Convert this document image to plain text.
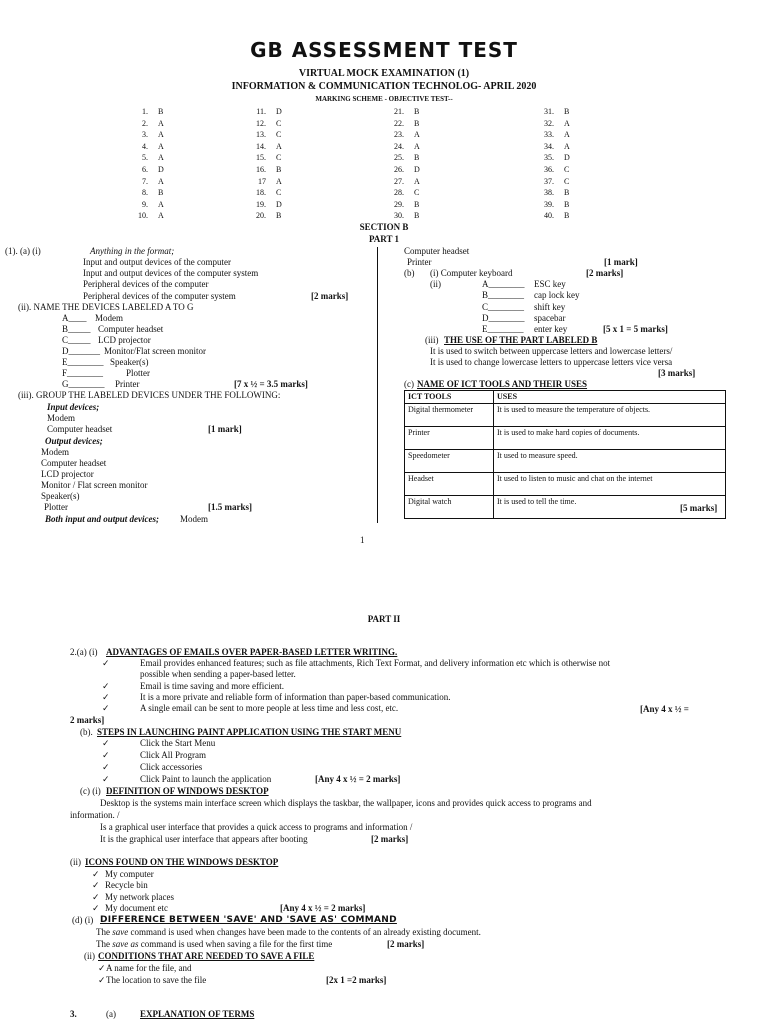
GB ASSESSMENT TEST
VIRTUAL MOCK EXAMINATION (1)
INFORMATION & COMMUNICATION TECHNOLOG- APRIL 2020
MARKING SCHEME - OBJECTIVE TEST--
1.	B
2.	A
3.	A
4.	A
5.	A
6.	D
7.	A
8.	B
9.	A
10.	A
11.	D
12.	C
13.	C
14.	A
15.	C
16.	B
17	A
18.	C
19.	D
20.	B
21.	B
22.	B
23.	A
24.	A
25.	B
26.	D
27.	A
28.	C
29.	B
30.	B
31.	B
32.	A
33.	A
34.	A
35.	D
36.	C
37.	C
38.	B
39.	B
40.	B
SECTION B
PART 1
(1). (a) (i)	Anything in the format;
Input and output devices of the computer
Input and output devices of the computer system
Peripheral devices of the computer
Peripheral devices of the computer system	[2 marks]
(ii). NAME THE DEVICES LABELED A TO G
A____ Modem
B_____ Computer headset
C_____ LCD projector
D_______ Monitor/Flat screen monitor
E________ Speaker(s)
F________	Plotter
G________ Printer	[7 x ½ = 3.5 marks]
(iii). GROUP THE LABELED DEVICES UNDER THE FOLLOWING:
Input devices;
Modem
Computer headset	[1 mark]
Output devices;
Modem
Computer headset
LCD projector
Monitor / Flat screen monitor
Speaker(s)
Plotter	[1.5 marks]
Both input and output devices; Modem
Computer headset
Printer	[1 mark]
(b) (i) Computer keyboard	[2 marks]
(ii)	A________ ESC key
B________ cap lock key
C________ shift key
D________ spacebar
E________ enter key	[5 x 1 = 5 marks]
(iii) THE USE OF THE PART LABELED B
It is used to switch between uppercase letters and lowercase letters/
It is used to change lowercase letters to uppercase letters vice versa
[3 marks]
(c) NAME OF ICT TOOLS AND THEIR USES
ICT TOOLS	USES
Digital thermometer	It is used to measure the temperature of objects.
Printer	It is used to make hard copies of documents.
Speedometer	It used to measure speed.
Headset	It used to listen to music and chat on the internet
Digital watch	It is used to tell the time.
[5 marks]
1
PART II
2.(a) (i) ADVANTAGES OF EMAILS OVER PAPER-BASED LETTER WRITING.
✓	Email provides enhanced features; such as file attachments, Rich Text Format, and delivery information etc which is otherwise not
possible when sending a paper-based letter.
✓	Email is time saving and more efficient.
✓	It is a more private and reliable form of information than paper-based communication.
✓	A single email can be sent to more people at less time and less cost, etc.	[Any 4 x ½ =
2 marks]
(b). STEPS IN LAUNCHING PAINT APPLICATION USING THE START MENU
✓	Click the Start Menu
✓	Click All Program
✓	Click accessories
✓	Click Paint to launch the application	[Any 4 x ½ = 2 marks]
(c) (i) DEFINITION OF WINDOWS DESKTOP
Desktop is the systems main interface screen which displays the taskbar, the wallpaper, icons and provides quick access to programs and
information. /
Is a graphical user interface that provides a quick access to programs and information /
It is the graphical user interface that appears after booting	[2 marks]
(ii) ICONS FOUND ON THE WINDOWS DESKTOP
✓ My computer
✓ Recycle bin
✓ My network places
✓ My document etc	[Any 4 x ½ = 2 marks]
(d) (i) DIFFERENCE BETWEEN 'SAVE' AND 'SAVE AS' COMMAND
The save command is used when changes have been made to the contents of an already existing document.
The save as command is used when saving a file for the first time	[2 marks]
(ii) CONDITIONS THAT ARE NEEDED TO SAVE A FILE
✓ A name for the file, and
✓ The location to save the file	[2x 1 =2 marks]
3.	(a)	EXPLANATION OF TERMS
